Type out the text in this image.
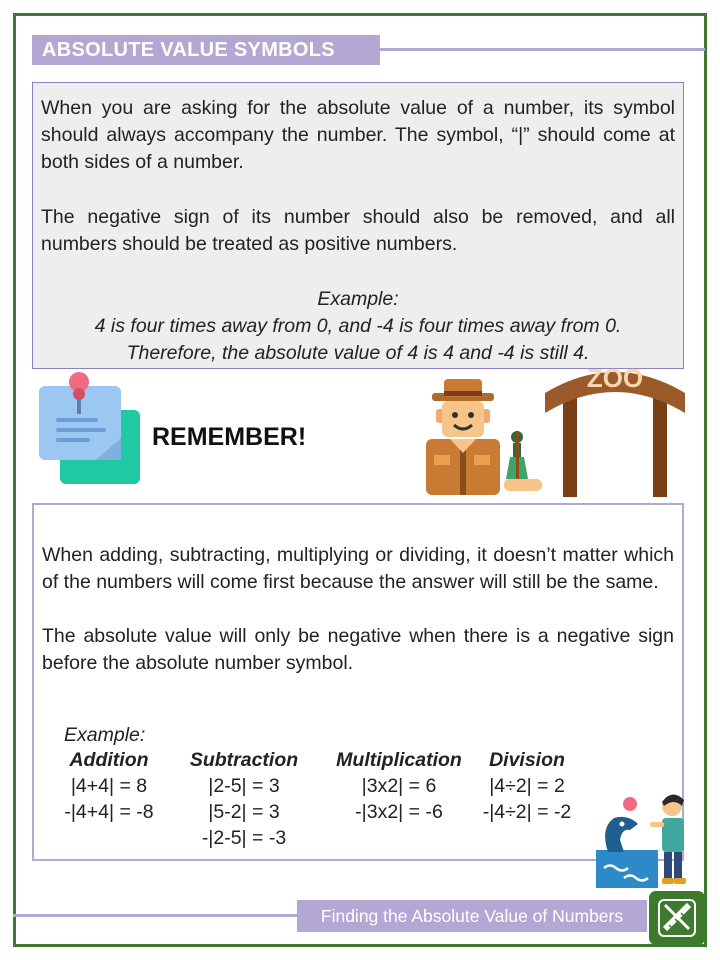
ABSOLUTE VALUE SYMBOLS

When you are asking for the absolute value of a number, its symbol should always accompany the number. The symbol, “|” should come at both sides of a number.

The negative sign of its number should also be removed, and all numbers should be treated as positive numbers.

Example:

4 is four times away from 0, and -4 is four times away from 0.

Therefore, the absolute value of 4 is 4 and -4 is still 4.

REMEMBER!
ZOO

When adding, subtracting, multiplying or dividing, it doesn’t matter which of the numbers will come first because the answer will still be the same.

The absolute value will only be negative when there is a negative sign before the absolute number symbol.

Example:
Addition
|4+4| = 8
-|4+4| = -8
Subtraction
|2-5| = 3
|5-2| = 3
-|2-5| = -3
Multiplication
|3x2| = 6
-|3x2| = -6
Division
|4÷2| = 2
-|4÷2| = -2
Finding the Absolute Value of Numbers
